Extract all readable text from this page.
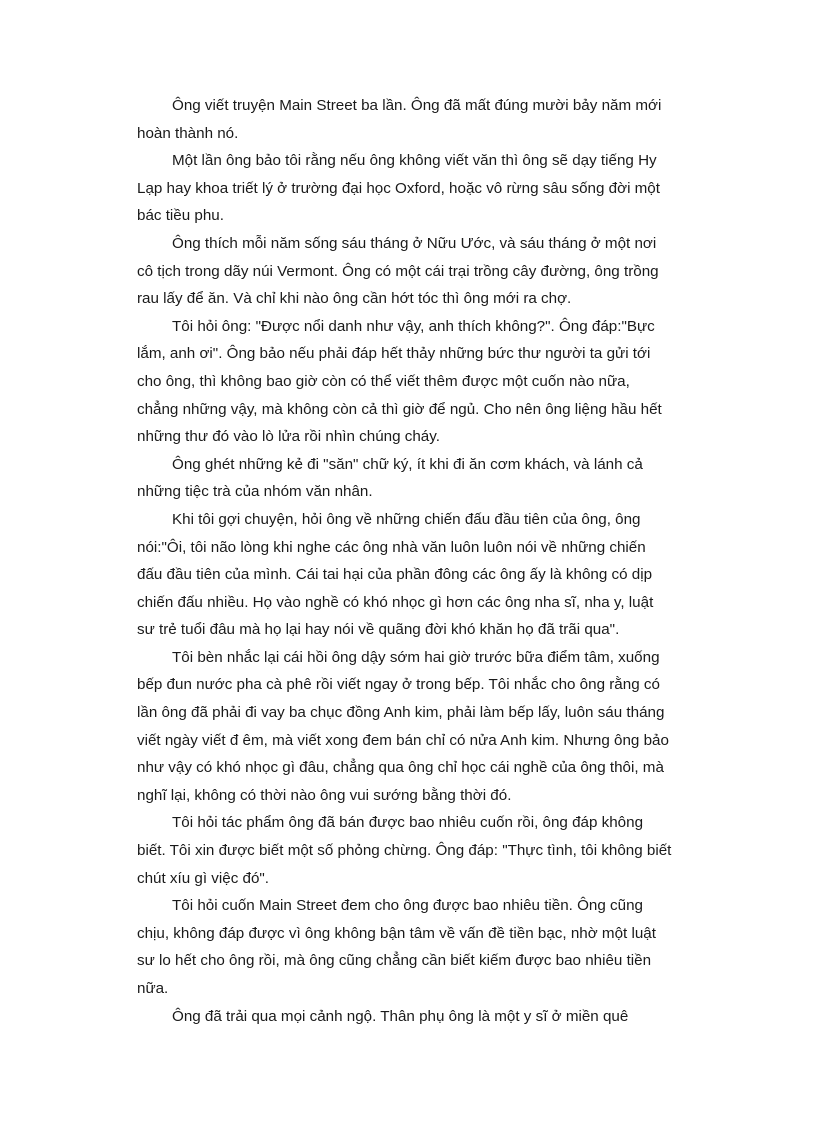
Ông viết truyện Main Street ba lần. Ông đã mất đúng mười bảy năm mới hoàn thành nó.

Một lần ông bảo tôi rằng nếu ông không viết văn thì ông sẽ dạy tiếng Hy Lạp hay khoa triết lý ở trường đại học Oxford, hoặc vô rừng sâu sống đời một bác tiều phu.

Ông thích mỗi năm sống sáu tháng ở Nữu Ước, và sáu tháng ở một nơi cô tịch trong dãy núi Vermont. Ông có một cái trại trồng cây đường, ông trồng rau lấy để ăn. Và chỉ khi nào ông cần hớt tóc thì ông mới ra chợ.

Tôi hỏi ông: "Được nổi danh như vậy, anh thích không?". Ông đáp:"Bực lắm, anh ơi". Ông bảo nếu phải đáp hết thảy những bức thư người ta gửi tới cho ông, thì không bao giờ còn có thể viết thêm được một cuốn nào nữa, chẳng những vậy, mà không còn cả thì giờ để ngủ. Cho nên ông liệng hầu hết những thư đó vào lò lửa rồi nhìn chúng cháy.

Ông ghét những kẻ đi "săn" chữ ký, ít khi đi ăn cơm khách, và lánh cả những tiệc trà của nhóm văn nhân.

Khi tôi gợi chuyện, hỏi ông về những chiến đấu đầu tiên của ông, ông nói:"Ôi, tôi não lòng khi nghe các ông nhà văn luôn luôn nói về những chiến đấu đầu tiên của mình. Cái tai hại của phần đông các ông ấy là không có dịp chiến đấu nhiều. Họ vào nghề có khó nhọc gì hơn các ông nha sĩ, nha y, luật sư trẻ tuổi đâu mà họ lại hay nói về quãng đời khó khăn họ đã trãi qua".

Tôi bèn nhắc lại cái hồi ông dậy sớm hai giờ trước bữa điểm tâm, xuống bếp đun nước pha cà phê rồi viết ngay ở trong bếp. Tôi nhắc cho ông rằng có lần ông đã phải đi vay ba chục đồng Anh kim, phải làm bếp lấy, luôn sáu tháng viết ngày viết đ êm, mà viết xong đem bán chỉ có nửa Anh kim. Nhưng ông bảo như vậy có khó nhọc gì đâu, chẳng qua ông chỉ học cái nghề của ông thôi, mà nghĩ lại, không có thời nào ông vui sướng bằng thời đó.

Tôi hỏi tác phẩm ông đã bán được bao nhiêu cuốn rồi, ông đáp không biết. Tôi xin được biết một số phỏng chừng. Ông đáp: "Thực tình, tôi không biết chút xíu gì việc đó".

Tôi hỏi cuốn Main Street đem cho ông được bao nhiêu tiền. Ông cũng chịu, không đáp được vì ông không bận tâm về vấn đề tiền bạc, nhờ một luật sư lo hết cho ông rồi, mà ông cũng chẳng cần biết kiếm được bao nhiêu tiền nữa.

Ông đã trải qua mọi cảnh ngộ. Thân phụ ông là một y sĩ ở miền quê
